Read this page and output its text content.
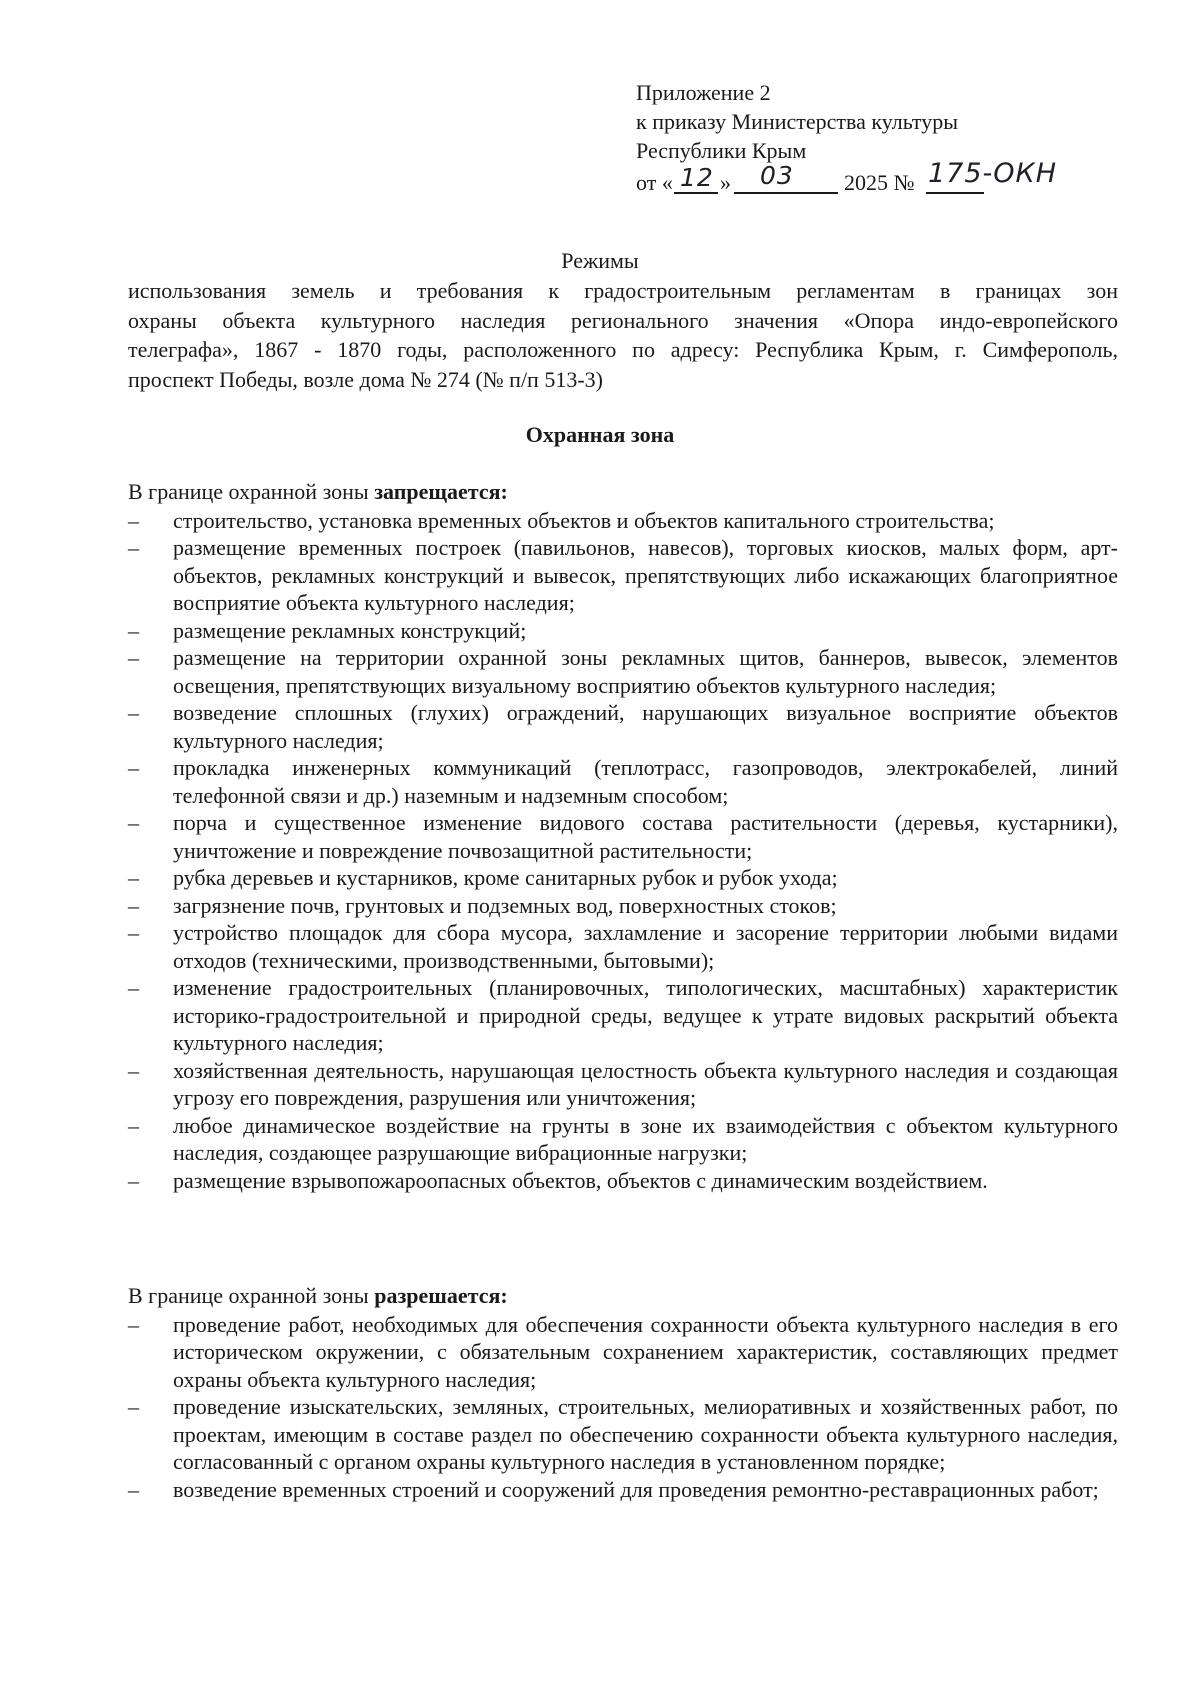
Приложение 2
к приказу Министерства культуры
Республики Крым
от « 12 » 03 2025 № 175-ОКН
Режимы
использования земель и требования к градостроительным регламентам в границах зон
охраны объекта культурного наследия регионального значения «Опора индо-европейского
телеграфа», 1867 - 1870 годы, расположенного по адресу: Республика Крым, г. Симферополь,
проспект Победы, возле дома № 274 (№ п/п 513-3)
Охранная зона
В границе охранной зоны запрещается:
– строительство, установка временных объектов и объектов капитального строительства;
– размещение временных построек (павильонов, навесов), торговых киосков, малых форм, арт-объектов, рекламных конструкций и вывесок, препятствующих либо искажающих благоприятное восприятие объекта культурного наследия;
– размещение рекламных конструкций;
– размещение на территории охранной зоны рекламных щитов, баннеров, вывесок, элементов освещения, препятствующих визуальному восприятию объектов культурного наследия;
– возведение сплошных (глухих) ограждений, нарушающих визуальное восприятие объектов культурного наследия;
– прокладка инженерных коммуникаций (теплотрасс, газопроводов, электрокабелей, линий телефонной связи и др.) наземным и надземным способом;
– порча и существенное изменение видового состава растительности (деревья, кустарники), уничтожение и повреждение почвозащитной растительности;
– рубка деревьев и кустарников, кроме санитарных рубок и рубок ухода;
– загрязнение почв, грунтовых и подземных вод, поверхностных стоков;
– устройство площадок для сбора мусора, захламление и засорение территории любыми видами отходов (техническими, производственными, бытовыми);
– изменение градостроительных (планировочных, типологических, масштабных) характеристик историко-градостроительной и природной среды, ведущее к утрате видовых раскрытий объекта культурного наследия;
– хозяйственная деятельность, нарушающая целостность объекта культурного наследия и создающая угрозу его повреждения, разрушения или уничтожения;
– любое динамическое воздействие на грунты в зоне их взаимодействия с объектом культурного наследия, создающее разрушающие вибрационные нагрузки;
– размещение взрывопожароопасных объектов, объектов с динамическим воздействием.
В границе охранной зоны разрешается:
– проведение работ, необходимых для обеспечения сохранности объекта культурного наследия в его историческом окружении, с обязательным сохранением характеристик, составляющих предмет охраны объекта культурного наследия;
– проведение изыскательских, земляных, строительных, мелиоративных и хозяйственных работ, по проектам, имеющим в составе раздел по обеспечению сохранности объекта культурного наследия, согласованный с органом охраны культурного наследия в установленном порядке;
– возведение временных строений и сооружений для проведения ремонтно-реставрационных работ;
